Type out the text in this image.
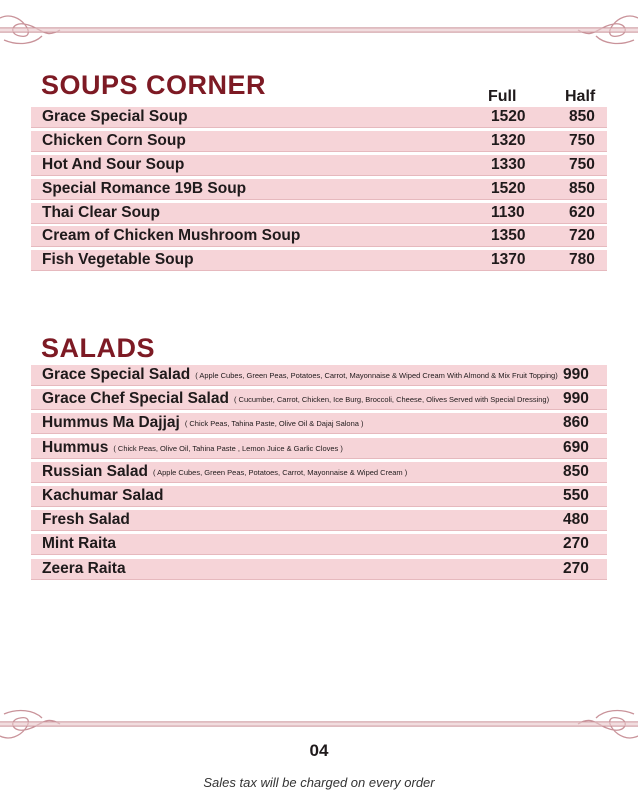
SOUPS CORNER	Full	Half
Grace Special Soup	1520	850
Chicken Corn Soup	1320	750
Hot And Sour Soup	1330	750
Special Romance 19B Soup	1520	850
Thai Clear Soup	1130	620
Cream of Chicken Mushroom Soup	1350	720
Fish Vegetable Soup	1370	780
SALADS
Grace Special Salad ( Apple Cubes, Green Peas, Potatoes, Carrot, Mayonnaise & Wiped Cream With Almond & Mix Fruit Topping) 990
Grace Chef Special Salad ( Cucumber, Carrot, Chicken, Ice Burg, Broccoli, Cheese, Olives Served with Special Dressing) 990
Hummus Ma Dajjaj ( Chick Peas, Tahina Paste, Olive Oil & Dajaj Salona )	860
Hummus ( Chick Peas, Olive Oil, Tahina Paste , Lemon Juice & Garlic Cloves )	690
Russian Salad ( Apple Cubes, Green Peas, Potatoes, Carrot, Mayonnaise & Wiped Cream )	850
Kachumar Salad	550
Fresh Salad	480
Mint Raita	270
Zeera Raita	270
04
Sales tax will be charged on every order
